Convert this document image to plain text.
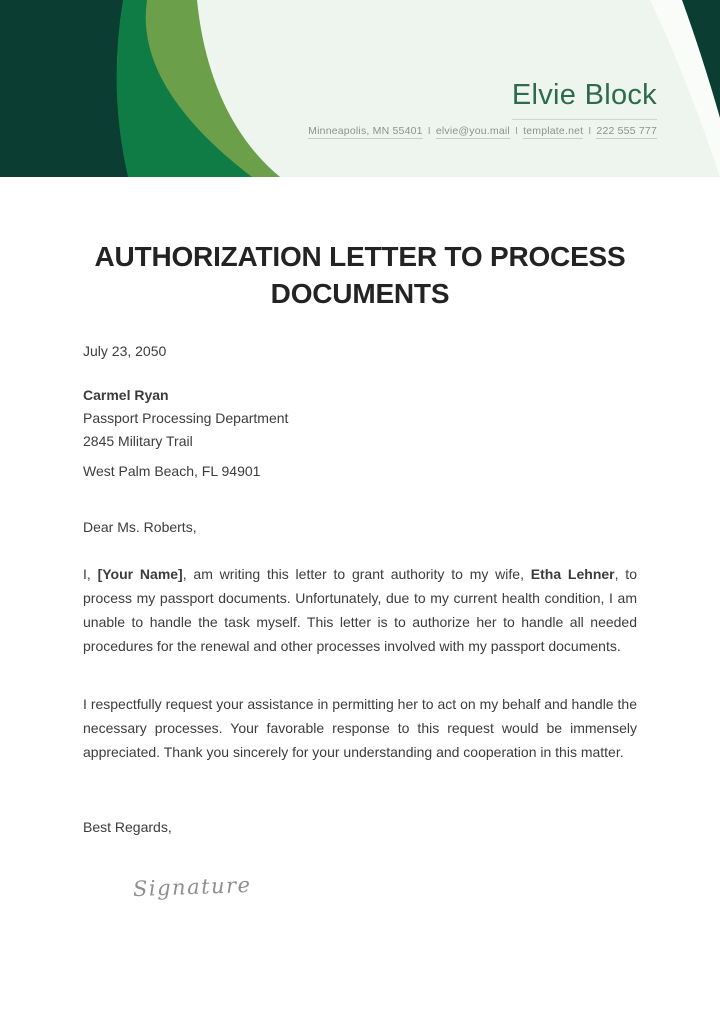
Elvie Block
Minneapolis, MN 55401 I elvie@you.mail I template.net I 222 555 777
AUTHORIZATION LETTER TO PROCESS
DOCUMENTS
July 23, 2050
Carmel Ryan
Passport Processing Department
2845 Military Trail
West Palm Beach, FL 94901
Dear Ms. Roberts,

I, [Your Name], am writing this letter to grant authority to my wife, Etha Lehner, to process my passport documents. Unfortunately, due to my current health condition, I am unable to handle the task myself. This letter is to authorize her to handle all needed procedures for the renewal and other processes involved with my passport documents.

I respectfully request your assistance in permitting her to act on my behalf and handle the necessary processes. Your favorable response to this request would be immensely appreciated. Thank you sincerely for your understanding and cooperation in this matter.

Best Regards,
Signature
